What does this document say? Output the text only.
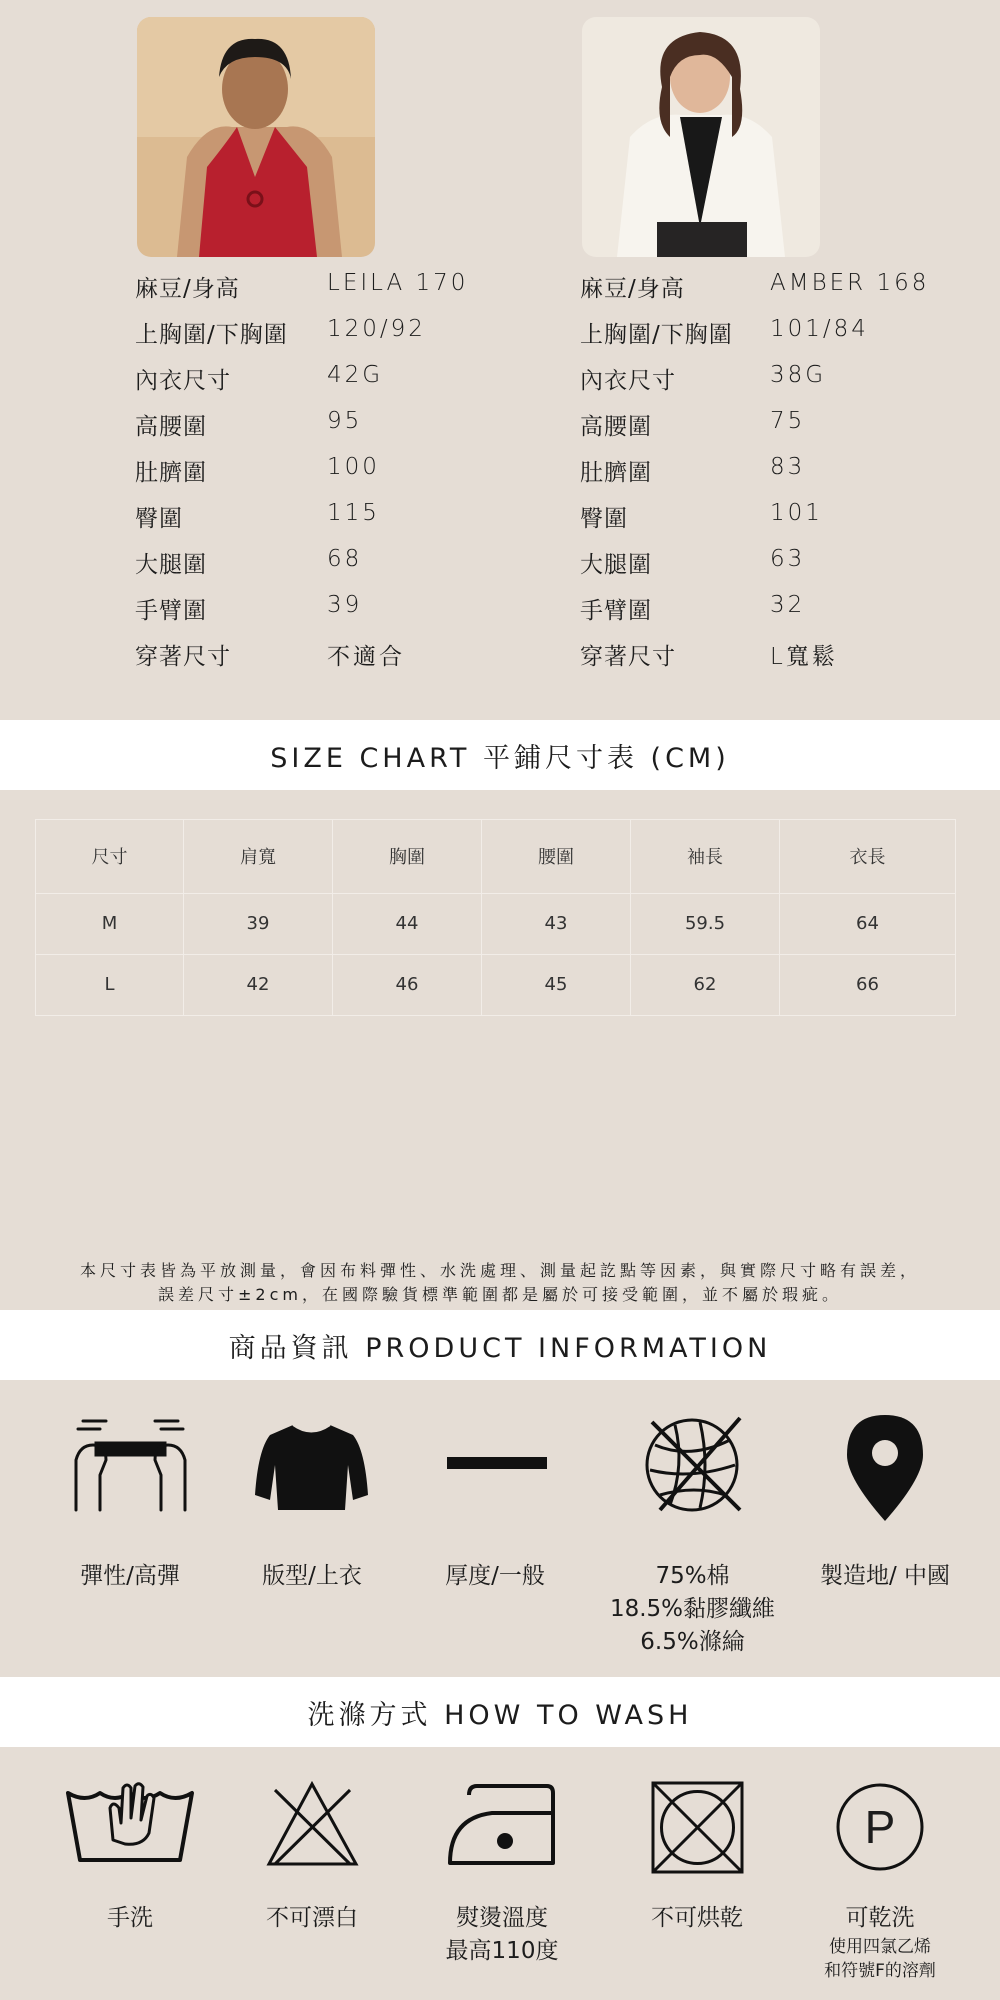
麻豆/身高	LEILA 170
上胸圍/下胸圍 120/92
內衣尺寸	42G
高腰圍	95
肚臍圍	100
臀圍	115
大腿圍	68
手臂圍	39
穿著尺寸	不適合
麻豆/身高	AMBER 168
上胸圍/下胸圍 101/84
內衣尺寸	38G
高腰圍	75
肚臍圍	83
臀圍	101
大腿圍	63
手臂圍	32
穿著尺寸	L寬鬆
SIZE CHART 平鋪尺寸表 (CM)
尺寸	肩寬	胸圍	腰圍	袖長	衣長
M	39	44	43	59.5	64
L	42	46	45	62	66
本尺寸表皆為平放測量，會因布料彈性、水洗處理、測量起訖點等因素，與實際尺寸略有誤差，
誤差尺寸±2cm，在國際驗貨標準範圍都是屬於可接受範圍，並不屬於瑕疵。
商品資訊 PRODUCT INFORMATION
彈性/高彈	版型/上衣	厚度/一般	75%棉
18.5%黏膠纖維
6.5%滌綸
製造地/ 中國
洗滌方式 HOW TO WASH
P
手洗	不可漂白	熨燙溫度
最高110度
不可烘乾	可乾洗
使用四氯乙烯
和符號F的溶劑
